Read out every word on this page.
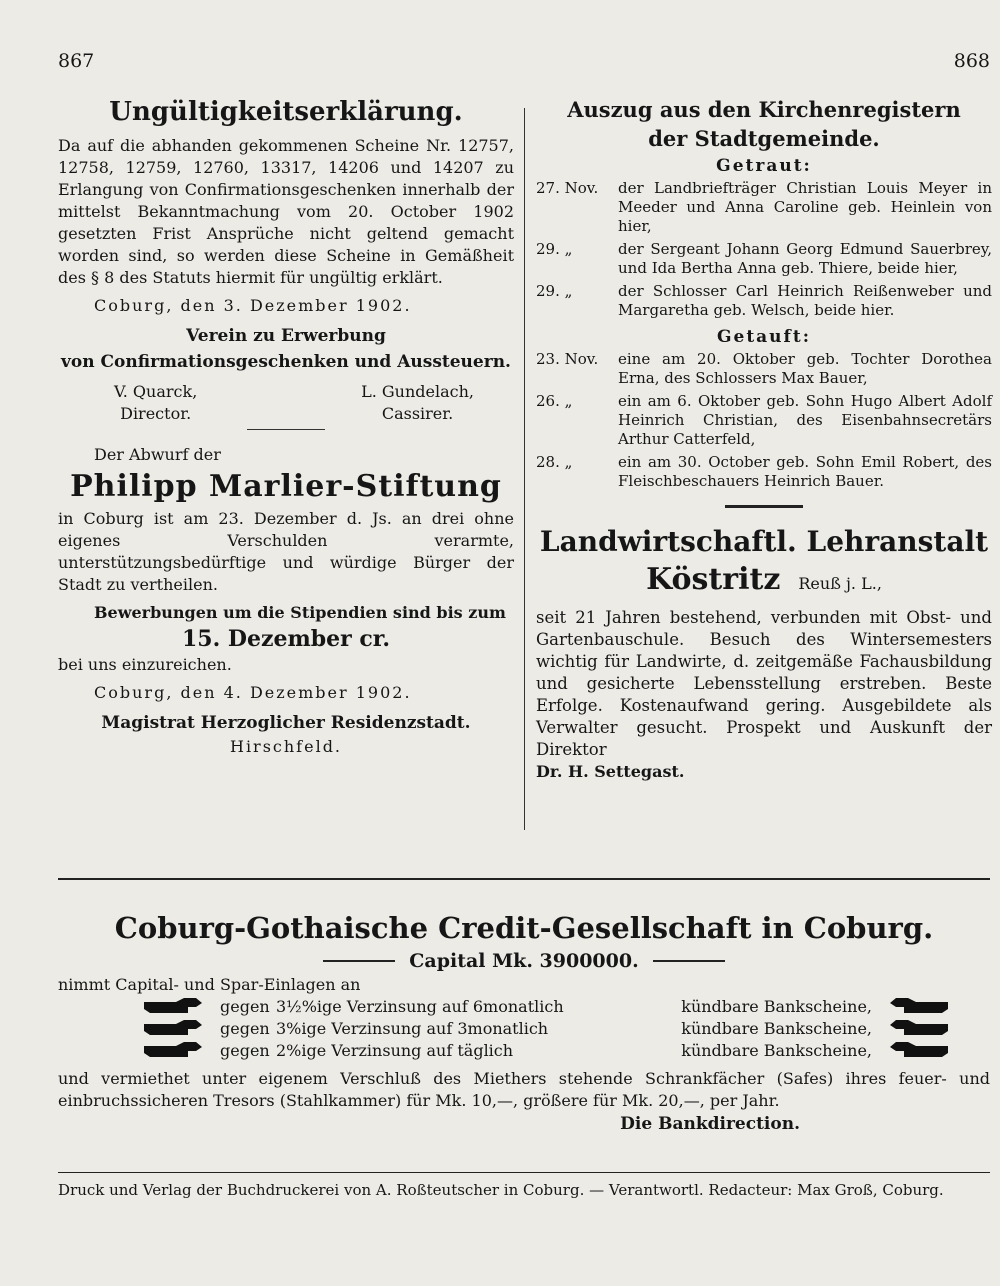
867	868
Ungültigkeitserklärung.

Da auf die abhanden gekommenen Scheine Nr. 12757, 12758, 12759, 12760, 13317, 14206 und 14207 zu Erlangung von Confirmationsgeschenken innerhalb der mittelst Bekanntmachung vom 20. October 1902 gesetzten Frist Ansprüche nicht geltend gemacht worden sind, so werden diese Scheine in Gemäßheit des § 8 des Statuts hiermit für ungültig erklärt.

Coburg, den 3. Dezember 1902.
Verein zu Erwerbung
von Confirmationsgeschenken und Aussteuern.
V. Quarck,
Director.
L. Gundelach,
Cassirer.
Der Abwurf der
Philipp Marlier-Stiftung

in Coburg ist am 23. Dezember d. Js. an drei ohne eigenes Verschulden verarmte, unterstützungsbedürftige und würdige Bürger der Stadt zu vertheilen.

Bewerbungen um die Stipendien sind bis zum
15. Dezember cr.
bei uns einzureichen.
Coburg, den 4. Dezember 1902.
Magistrat Herzoglicher Residenzstadt.
Hirschfeld.
Auszug aus den Kirchenregistern
der Stadtgemeinde.
Getraut:
27. Nov.	der Landbriefträger Christian Louis Meyer in Meeder und Anna Caroline geb. Heinlein von hier,
29. „	der Sergeant Johann Georg Edmund Sauerbrey, und Ida Bertha Anna geb. Thiere, beide hier,
29. „	der Schlosser Carl Heinrich Reißenweber und Margaretha geb. Welsch, beide hier.
Getauft:
23. Nov.	eine am 20. Oktober geb. Tochter Dorothea Erna, des Schlossers Max Bauer,
26. „	ein am 6. Oktober geb. Sohn Hugo Albert Adolf Heinrich Christian, des Eisenbahnsecretärs Arthur Catterfeld,
28. „	ein am 30. October geb. Sohn Emil Robert, des Fleischbeschauers Heinrich Bauer.
Landwirtschaftl. Lehranstalt
Köstritz Reuß j. L.,

seit 21 Jahren bestehend, verbunden mit Obst- und Gartenbauschule. Besuch des Wintersemesters wichtig für Landwirte, d. zeitgemäße Fachausbildung und gesicherte Lebensstellung erstreben. Beste Erfolge. Kostenaufwand gering. Ausgebildete als Verwalter gesucht. Prospekt und Auskunft der Direktor

Dr. H. Settegast.
Coburg-Gothaische Credit-Gesellschaft in Coburg.
Capital Mk. 3900000.
nimmt Capital- und Spar-Einlagen an
gegen 3½%ige Verzinsung auf 6monatlich	kündbare Bankscheine,
gegen 3%ige Verzinsung auf 3monatlich	kündbare Bankscheine,
gegen 2%ige Verzinsung auf täglich	kündbare Bankscheine,

und vermiethet unter eigenem Verschluß des Miethers stehende Schrankfächer (Safes) ihres feuer- und einbruchssicheren Tresors (Stahlkammer) für Mk. 10,—, größere für Mk. 20,—, per Jahr.

Die Bankdirection.
Druck und Verlag der Buchdruckerei von A. Roßteutscher in Coburg. — Verantwortl. Redacteur: Max Groß, Coburg.
